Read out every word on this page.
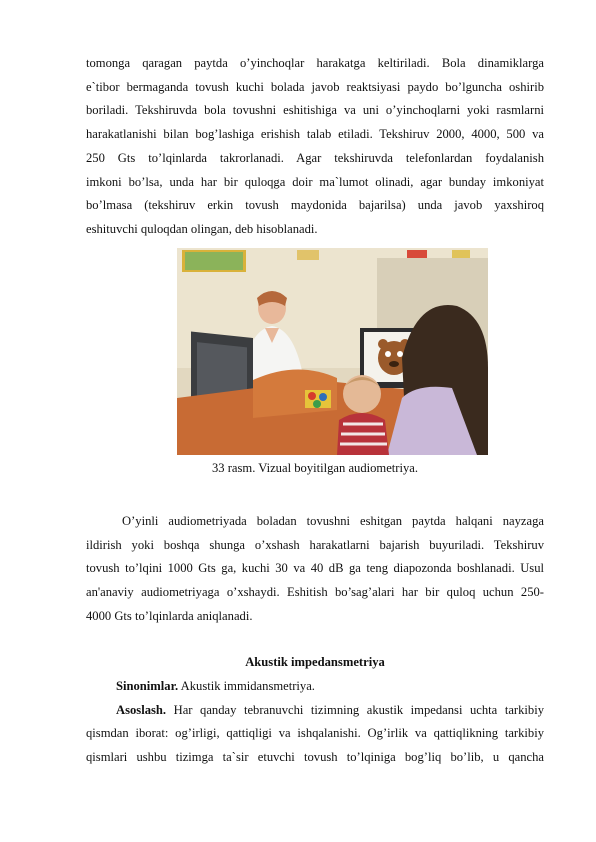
tomonga qaragan paytda o’yinchoqlar harakatga keltiriladi. Bola dinamiklarga
e`tibor bermaganda tovush kuchi bolada javob reaktsiyasi paydo bo’lguncha oshirib
boriladi. Tekshiruvda bola tovushni eshitishiga va uni o’yinchoqlarni yoki rasmlarni
harakatlanishi bilan bog’lashiga erishish talab etiladi. Tekshiruv 2000, 4000, 500 va
250 Gts to’lqinlarda takrorlanadi. Agar tekshiruvda telefonlardan foydalanish
imkoni bo’lsa, unda har bir quloqga doir ma`lumot olinadi, agar bunday imkoniyat
bo’lmasa (tekshiruv erkin tovush maydonida bajarilsa) unda javob yaxshiroq
eshituvchi quloqdan olingan, deb hisoblanadi.

33 rasm. Vizual boyitilgan audiometriya.

O’yinli audiometriyada boladan tovushni eshitgan paytda halqani nayzaga
ildirish yoki boshqa shunga o’xshash harakatlarni bajarish buyuriladi. Tekshiruv
tovush to’lqini 1000 Gts ga, kuchi 30 va 40 dB ga teng diapozonda boshlanadi. Usul
an'anaviy audiometriyaga o’xshaydi. Eshitish bo’sag’alari har bir quloq uchun 250-
4000 Gts to’lqinlarda aniqlanadi.

Akustik impedansmetriya

Sinonimlar. Akustik immidansmetriya.
Asoslash. Har qanday tebranuvchi tizimning akustik impedansi uchta tarkibiy
qismdan iborat: og’irligi, qattiqligi va ishqalanishi. Og’irlik va qattiqlikning tarkibiy
qismlari ushbu tizimga ta`sir etuvchi tovush to’lqiniga bog’liq bo’lib, u qancha
